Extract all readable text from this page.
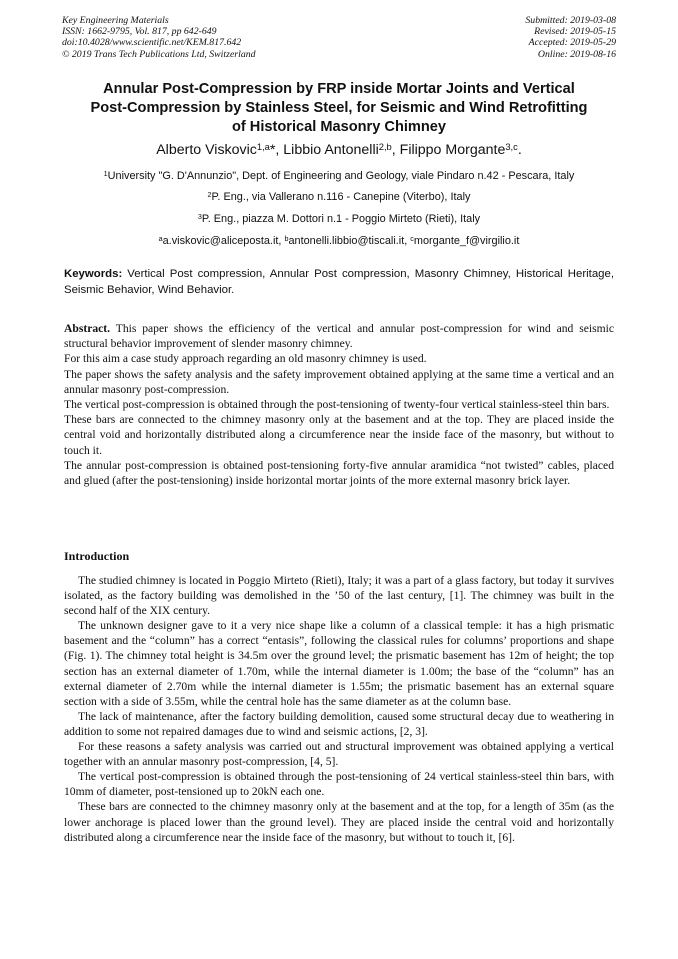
Key Engineering Materials
ISSN: 1662-9795, Vol. 817, pp 642-649
doi:10.4028/www.scientific.net/KEM.817.642
© 2019 Trans Tech Publications Ltd, Switzerland
Submitted: 2019-03-08
Revised: 2019-05-15
Accepted: 2019-05-29
Online: 2019-08-16
Annular Post-Compression by FRP inside Mortar Joints and Vertical
Post-Compression by Stainless Steel, for Seismic and Wind Retrofitting
of Historical Masonry Chimney
Alberto Viskovic$^{1,a}$*, Libbio Antonelli$^{2,b}$, Filippo Morgante$^{3,c}$.
$^1$University "G. D'Annunzio", Dept. of Engineering and Geology, viale Pindaro n.42 - Pescara, Italy
$^2$P. Eng., via Vallerano n.116 - Canepine (Viterbo), Italy
$^3$P. Eng., piazza M. Dottori n.1 - Poggio Mirteto (Rieti), Italy
$^a$a.viskovic@aliceposta.it, $^b$antonelli.libbio@tiscali.it, $^c$morgante_f@virgilio.it
Keywords: Vertical Post compression, Annular Post compression, Masonry Chimney, Historical Heritage, Seismic Behavior, Wind Behavior.

Abstract. This paper shows the efficiency of the vertical and annular post-compression for wind and seismic structural behavior improvement of slender masonry chimney.

For this aim a case study approach regarding an old masonry chimney is used.

The paper shows the safety analysis and the safety improvement obtained applying at the same time a vertical and an annular masonry post-compression.

The vertical post-compression is obtained through the post-tensioning of twenty-four vertical stainless-steel thin bars.

These bars are connected to the chimney masonry only at the basement and at the top. They are placed inside the central void and horizontally distributed along a circumference near the inside face of the masonry, but without to touch it.

The annular post-compression is obtained post-tensioning forty-five annular aramidica “not twisted” cables, placed and glued (after the post-tensioning) inside horizontal mortar joints of the more external masonry brick layer.

Introduction

The studied chimney is located in Poggio Mirteto (Rieti), Italy; it was a part of a glass factory, but today it survives isolated, as the factory building was demolished in the ’50 of the last century, [1]. The chimney was built in the second half of the XIX century.

The unknown designer gave to it a very nice shape like a column of a classical temple: it has a high prismatic basement and the “column” has a correct “entasis”, following the classical rules for columns’ proportions and shape (Fig. 1). The chimney total height is 34.5m over the ground level; the prismatic basement has 12m of height; the top section has an external diameter of 1.70m, while the internal diameter is 1.00m; the base of the “column” has an external diameter of 2.70m while the internal diameter is 1.55m; the prismatic basement has an external square section with a side of 3.55m, while the central hole has the same diameter as at the column base.

The lack of maintenance, after the factory building demolition, caused some structural decay due to weathering in addition to some not repaired damages due to wind and seismic actions, [2, 3].

For these reasons a safety analysis was carried out and structural improvement was obtained applying a vertical together with an annular masonry post-compression, [4, 5].

The vertical post-compression is obtained through the post-tensioning of 24 vertical stainless-steel thin bars, with 10mm of diameter, post-tensioned up to 20kN each one.

These bars are connected to the chimney masonry only at the basement and at the top, for a length of 35m (as the lower anchorage is placed lower than the ground level). They are placed inside the central void and horizontally distributed along a circumference near the inside face of the masonry, but without to touch it, [6].
